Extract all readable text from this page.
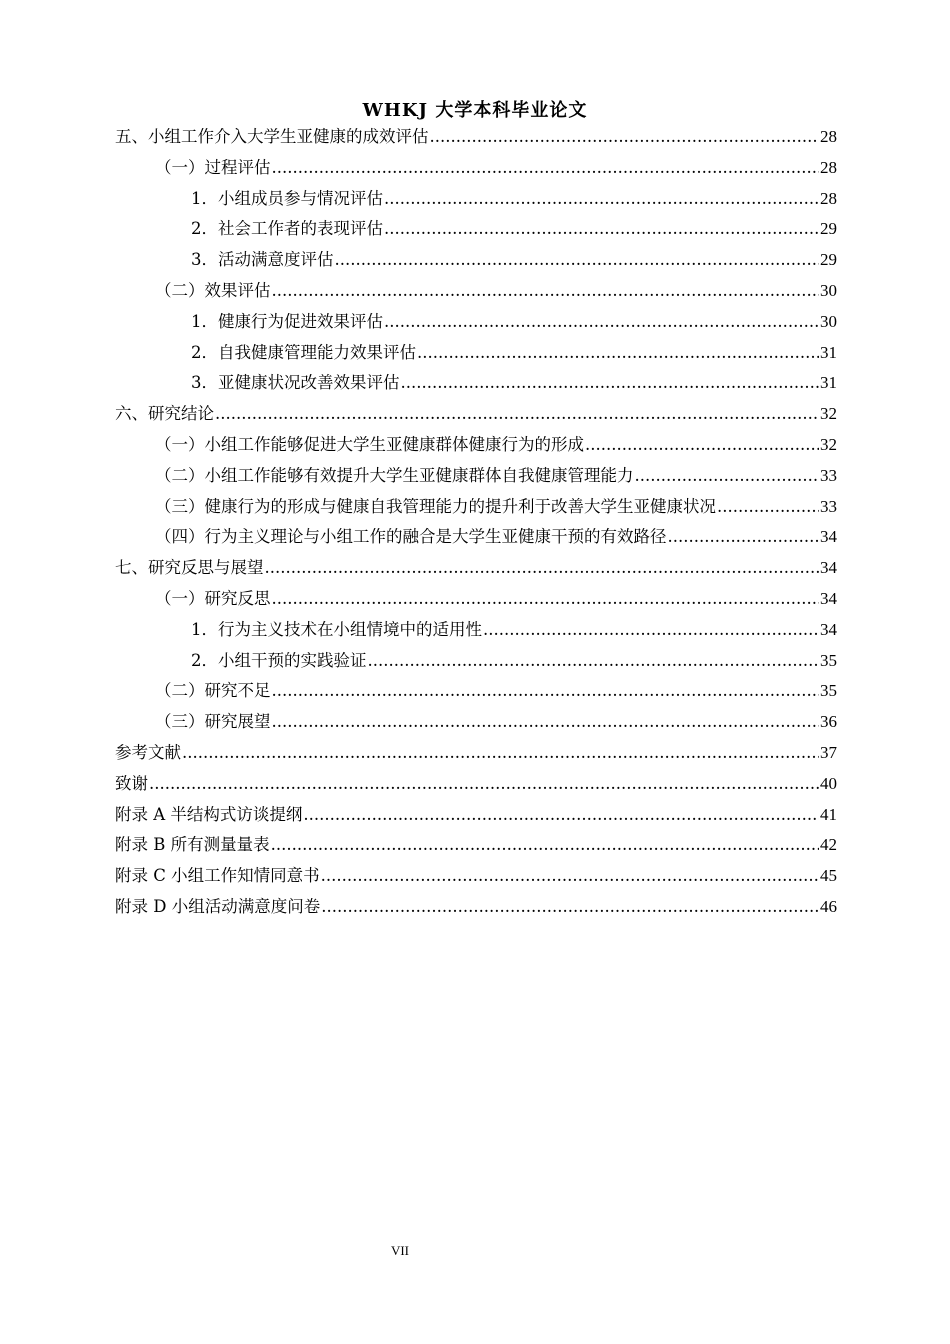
WHKJ 大学本科毕业论文
五、小组工作介入大学生亚健康的成效评估 .....	28
（一）过程评估 .....	28
1．小组成员参与情况评估 .....	28
2．社会工作者的表现评估 .....	29
3．活动满意度评估 .....	29
（二）效果评估 .....	30
1．健康行为促进效果评估 .....	30
2．自我健康管理能力效果评估 .....	31
3．亚健康状况改善效果评估 .....	31
六、研究结论 .....	32
（一）小组工作能够促进大学生亚健康群体健康行为的形成 .....	32
（二）小组工作能够有效提升大学生亚健康群体自我健康管理能力 .....	33
（三）健康行为的形成与健康自我管理能力的提升利于改善大学生亚健康状况 .....	33
（四）行为主义理论与小组工作的融合是大学生亚健康干预的有效路径 .....	34
七、研究反思与展望 .....	34
（一）研究反思 .....	34
1．行为主义技术在小组情境中的适用性 .....	34
2．小组干预的实践验证 .....	35
（二）研究不足 .....	35
（三）研究展望 .....	36
参考文献 .....	37
致谢 .....	40
附录 A 半结构式访谈提纲 .....	41
附录 B 所有测量量表 .....	42
附录 C 小组工作知情同意书 .....	45
附录 D 小组活动满意度问卷 .....	46
VII
